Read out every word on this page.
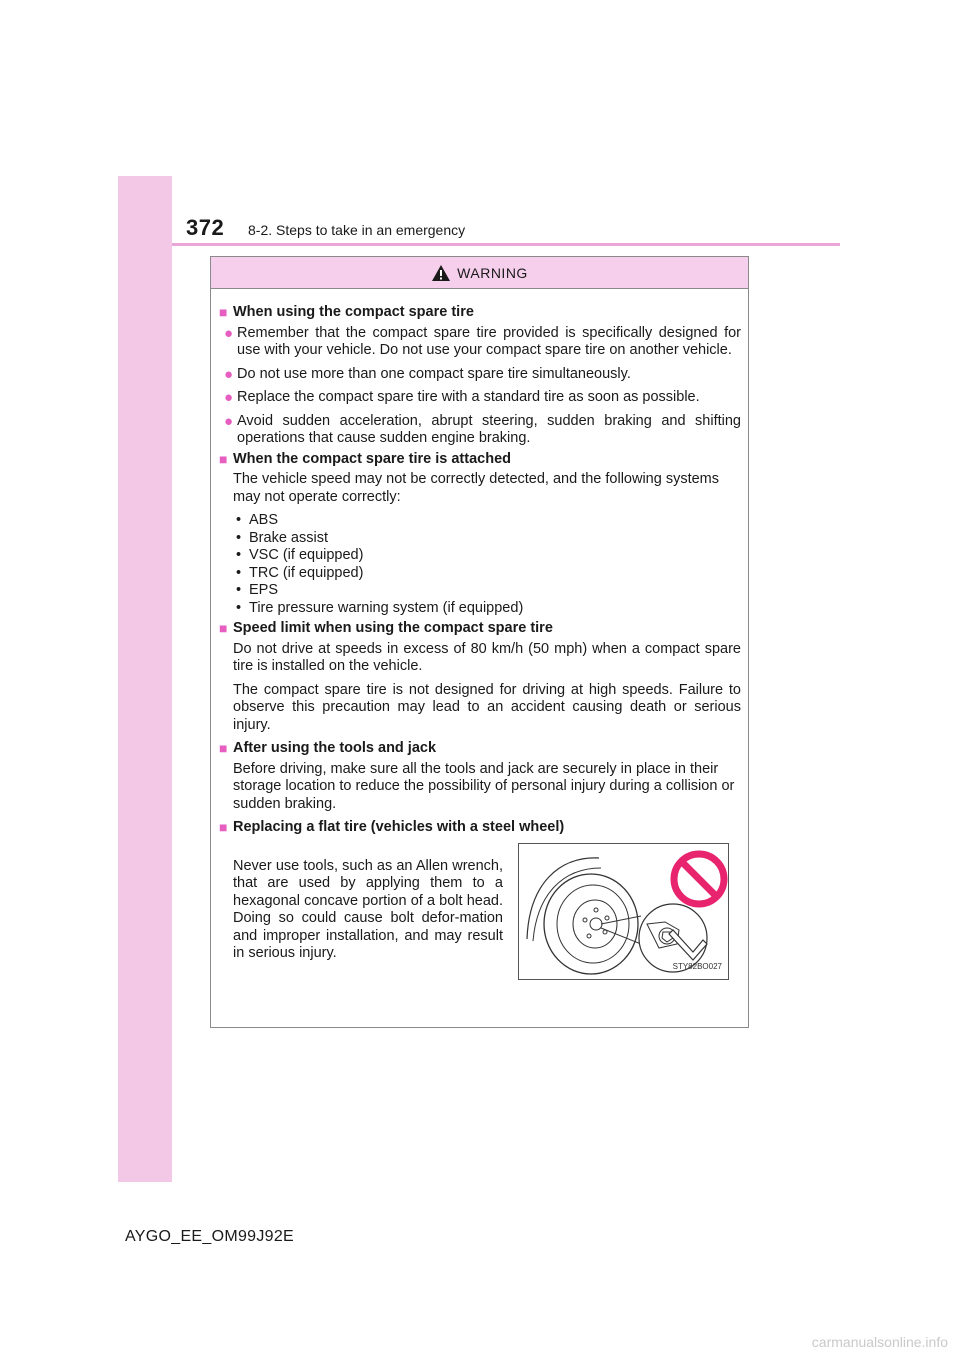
372 8-2. Steps to take in an emergency
WARNING
■ When using the compact spare tire
● Remember that the compact spare tire provided is specifically designed for use with your vehicle. Do not use your compact spare tire on another vehicle.
● Do not use more than one compact spare tire simultaneously.
● Replace the compact spare tire with a standard tire as soon as possible.
● Avoid sudden acceleration, abrupt steering, sudden braking and shifting operations that cause sudden engine braking.
■ When the compact spare tire is attached
The vehicle speed may not be correctly detected, and the following systems may not operate correctly:
• ABS
• Brake assist
• VSC (if equipped)
• TRC (if equipped)
• EPS
• Tire pressure warning system (if equipped)
■ Speed limit when using the compact spare tire
Do not drive at speeds in excess of 80 km/h (50 mph) when a compact spare tire is installed on the vehicle.
The compact spare tire is not designed for driving at high speeds. Failure to observe this precaution may lead to an accident causing death or serious injury.
■ After using the tools and jack
Before driving, make sure all the tools and jack are securely in place in their storage location to reduce the possibility of personal injury during a collision or sudden braking.
■ Replacing a flat tire (vehicles with a steel wheel)
Never use tools, such as an Allen wrench, that are used by applying them to a hexagonal concave portion of a bolt head. Doing so could cause bolt defor-mation and improper installation, and may result in serious injury.
STY82BO027
AYGO_EE_OM99J92E
carmanualsonline.info
